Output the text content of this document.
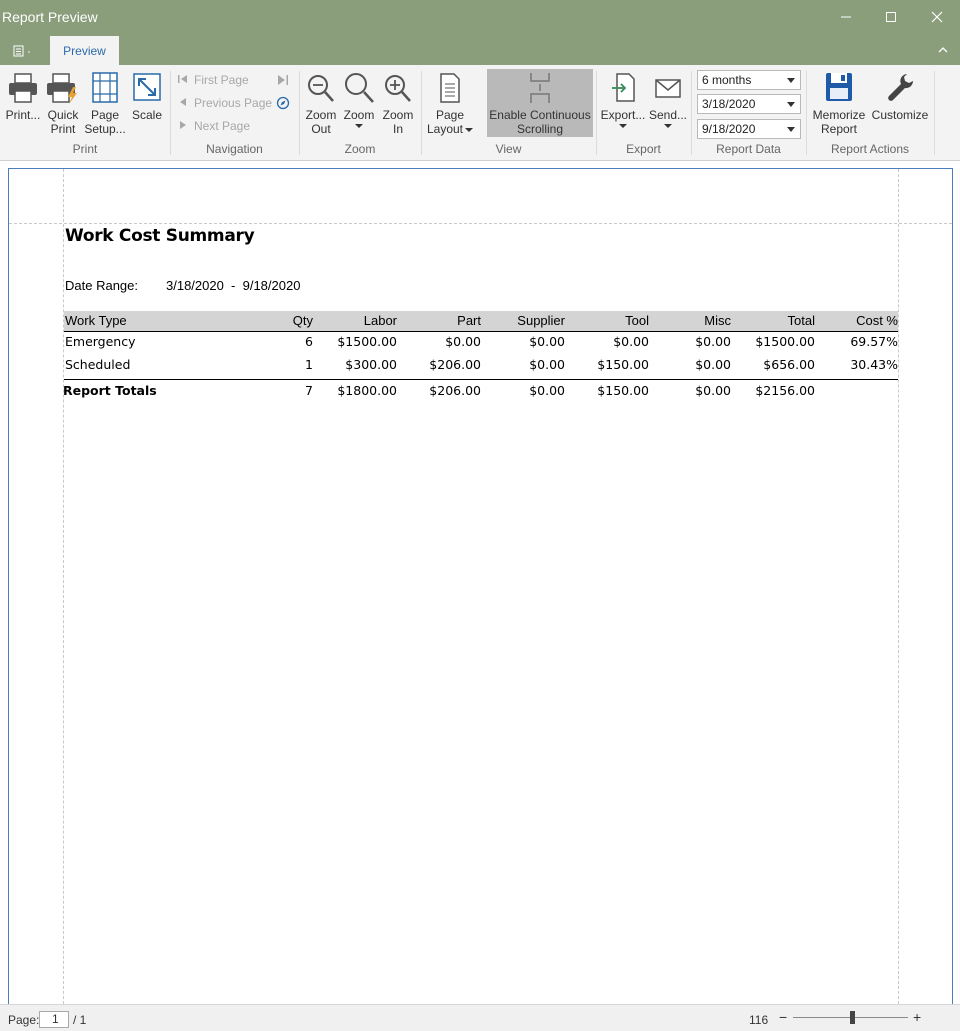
Report Preview
Preview
Print... Quick
Print
Page
Setup...
Scale
Print
First Page
Previous Page
Next Page
Navigation
Zoom
Out
Zoom Zoom
In
Zoom
Page
Layout
Enable Continuous
Scrolling
View
Export... Send...
Export
6 months
3/18/2020
9/18/2020
Report Data
Memorize
Report
Customize
Report Actions
Work Cost Summary
Date Range: 3/18/2020  -  9/18/2020
Work Type	Qty	Labor	Part	Supplier	Tool	Misc	Total	Cost %
Emergency	6	$1500.00	$0.00	$0.00	$0.00	$0.00	$1500.00	69.57%
Scheduled	1	$300.00	$206.00	$0.00	$150.00	$0.00	$656.00	30.43%
Report Totals	7	$1800.00	$206.00	$0.00	$150.00	$0.00	$2156.00
Page:	1	/ 1	116 −	+
